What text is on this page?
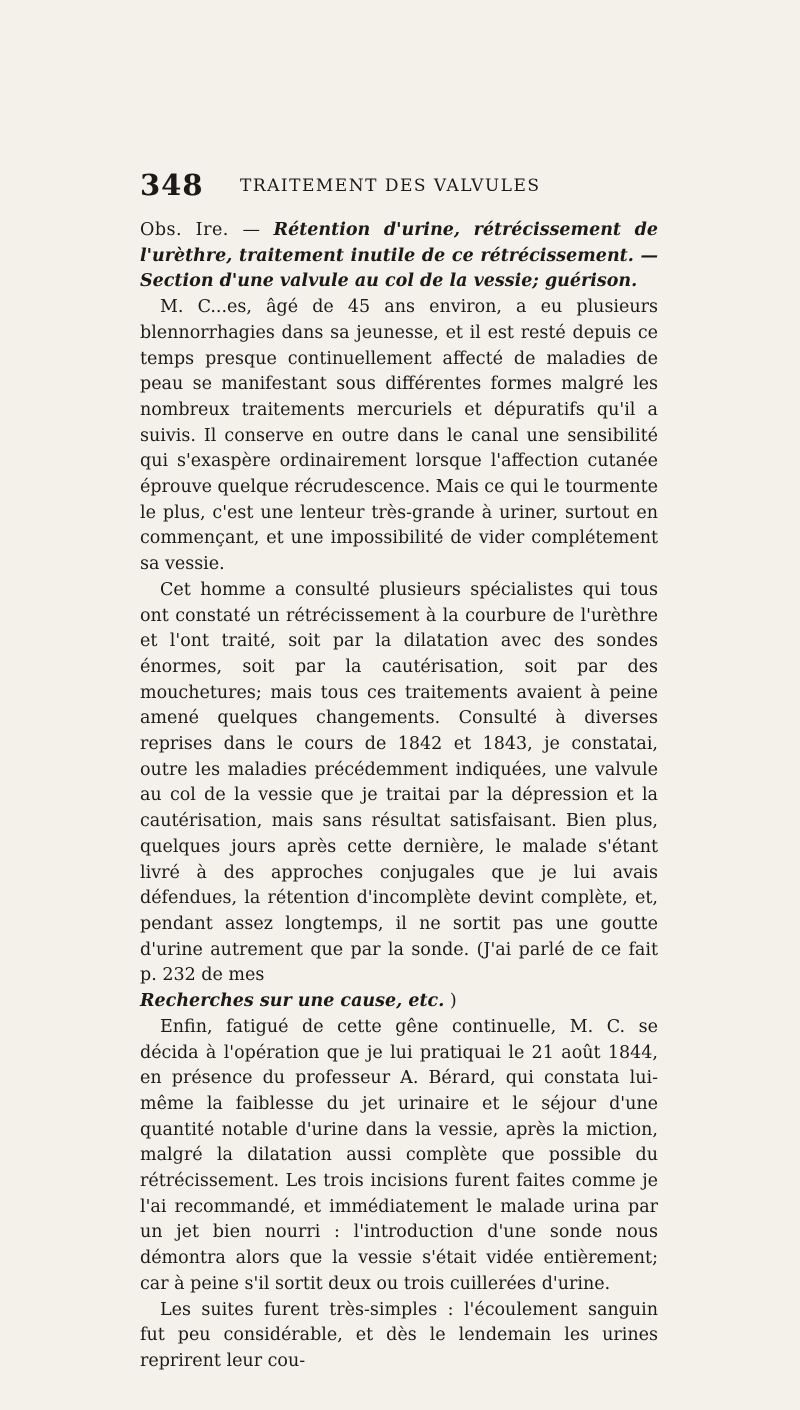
348 TRAITEMENT DES VALVULES

Obs. Ire. — Rétention d'urine, rétrécissement de l'urèthre, traitement inutile de ce rétrécissement. — Section d'une valvule au col de la vessie; guérison.

M. C...es, âgé de 45 ans environ, a eu plusieurs blennorrhagies dans sa jeunesse, et il est resté depuis ce temps presque continuellement affecté de maladies de peau se manifestant sous différentes formes malgré les nombreux traitements mercuriels et dépuratifs qu'il a suivis. Il conserve en outre dans le canal une sensibilité qui s'exaspère ordinairement lorsque l'affection cutanée éprouve quelque récrudescence. Mais ce qui le tourmente le plus, c'est une lenteur très-grande à uriner, surtout en commençant, et une impossibilité de vider complétement sa vessie.

Cet homme a consulté plusieurs spécialistes qui tous ont constaté un rétrécissement à la courbure de l'urèthre et l'ont traité, soit par la dilatation avec des sondes énormes, soit par la cautérisation, soit par des mouchetures; mais tous ces traitements avaient à peine amené quelques changements. Consulté à diverses reprises dans le cours de 1842 et 1843, je constatai, outre les maladies précédemment indiquées, une valvule au col de la vessie que je traitai par la dépression et la cautérisation, mais sans résultat satisfaisant. Bien plus, quelques jours après cette dernière, le malade s'étant livré à des approches conjugales que je lui avais défendues, la rétention d'incomplète devint complète, et, pendant assez longtemps, il ne sortit pas une goutte d'urine autrement que par la sonde. (J'ai parlé de ce fait p. 232 de mes
Recherches sur une cause, etc. )

Enfin, fatigué de cette gêne continuelle, M. C. se décida à l'opération que je lui pratiquai le 21 août 1844, en présence du professeur A. Bérard, qui constata lui-même la faiblesse du jet urinaire et le séjour d'une quantité notable d'urine dans la vessie, après la miction, malgré la dilatation aussi complète que possible du rétrécissement. Les trois incisions furent faites comme je l'ai recommandé, et immédiatement le malade urina par un jet bien nourri : l'introduction d'une sonde nous démontra alors que la vessie s'était vidée entièrement; car à peine s'il sortit deux ou trois cuillerées d'urine.

Les suites furent très-simples : l'écoulement sanguin fut peu considérable, et dès le lendemain les urines reprirent leur cou-
